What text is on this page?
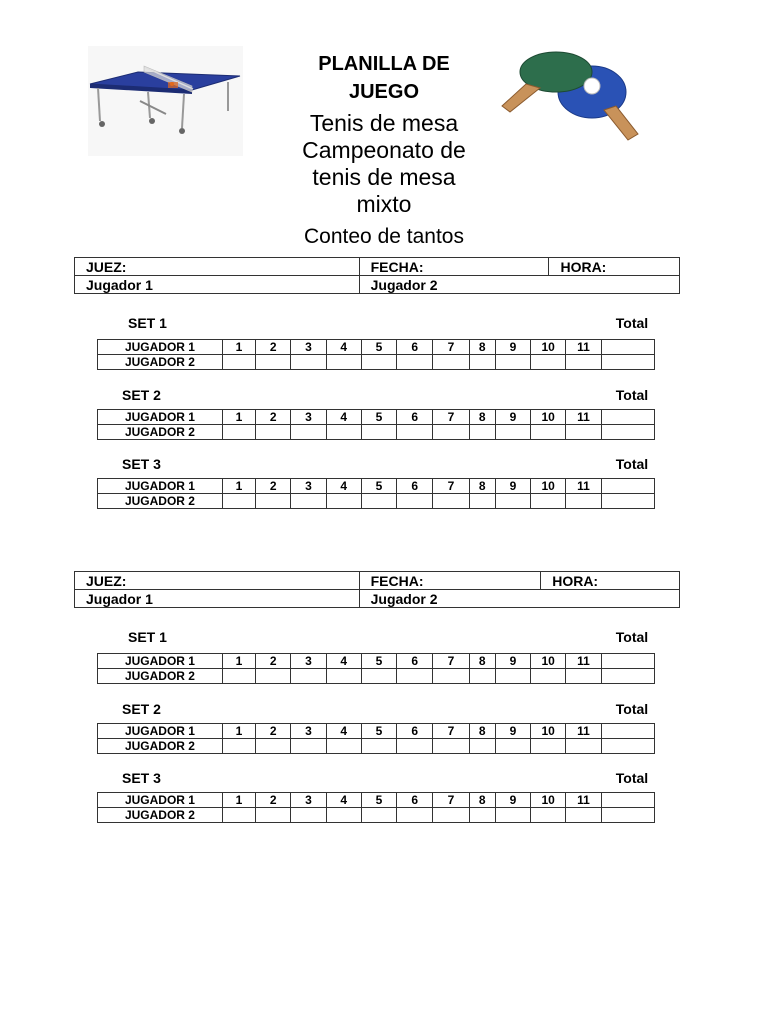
PLANILLA DE
JUEGO
Tenis de mesa
Campeonato de
tenis de mesa
mixto
Conteo de tantos
JUEZ:	FECHA:	HORA:
Jugador 1	Jugador 2	
SET 1	Total
JUGADOR 1	1	2	3	4	5	6	7	8	9	10	11	
JUGADOR 2												
SET 2	Total
JUGADOR 1	1	2	3	4	5	6	7	8	9	10	11	
JUGADOR 2												
SET 3	Total
JUGADOR 1	1	2	3	4	5	6	7	8	9	10	11	
JUGADOR 2												
JUEZ:	FECHA:	HORA:
Jugador 1	Jugador 2	
SET 1	Total
JUGADOR 1	1	2	3	4	5	6	7	8	9	10	11	
JUGADOR 2												
SET 2	Total
JUGADOR 1	1	2	3	4	5	6	7	8	9	10	11	
JUGADOR 2												
SET 3	Total
JUGADOR 1	1	2	3	4	5	6	7	8	9	10	11	
JUGADOR 2												
